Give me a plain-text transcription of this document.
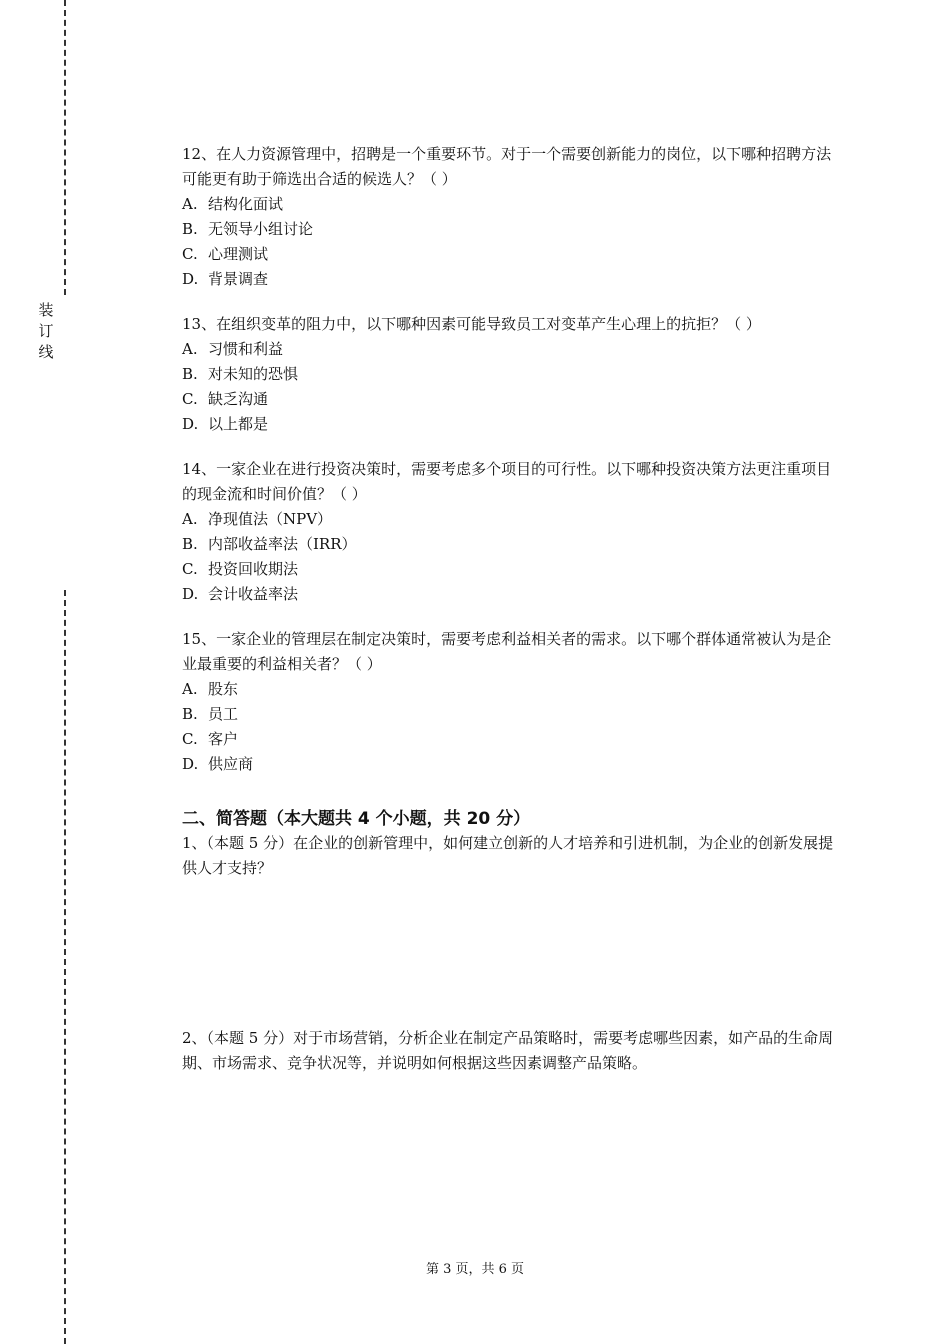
装
订
线

12、在人力资源管理中，招聘是一个重要环节。对于一个需要创新能力的岗位，以下哪种招聘方法可能更有助于筛选出合适的候选人？（ ）

A. 结构化面试
B. 无领导小组讨论
C. 心理测试
D. 背景调查

13、在组织变革的阻力中，以下哪种因素可能导致员工对变革产生心理上的抗拒？（ ）

A. 习惯和利益
B. 对未知的恐惧
C. 缺乏沟通
D. 以上都是

14、一家企业在进行投资决策时，需要考虑多个项目的可行性。以下哪种投资决策方法更注重项目的现金流和时间价值？（ ）

A. 净现值法（NPV）
B. 内部收益率法（IRR）
C. 投资回收期法
D. 会计收益率法

15、一家企业的管理层在制定决策时，需要考虑利益相关者的需求。以下哪个群体通常被认为是企业最重要的利益相关者？（ ）

A. 股东
B. 员工
C. 客户
D. 供应商
二、简答题（本大题共 4 个小题，共 20 分）

1、（本题 5 分）在企业的创新管理中，如何建立创新的人才培养和引进机制，为企业的创新发展提供人才支持？

2、（本题 5 分）对于市场营销，分析企业在制定产品策略时，需要考虑哪些因素，如产品的生命周期、市场需求、竞争状况等，并说明如何根据这些因素调整产品策略。

第 3 页，共 6 页
